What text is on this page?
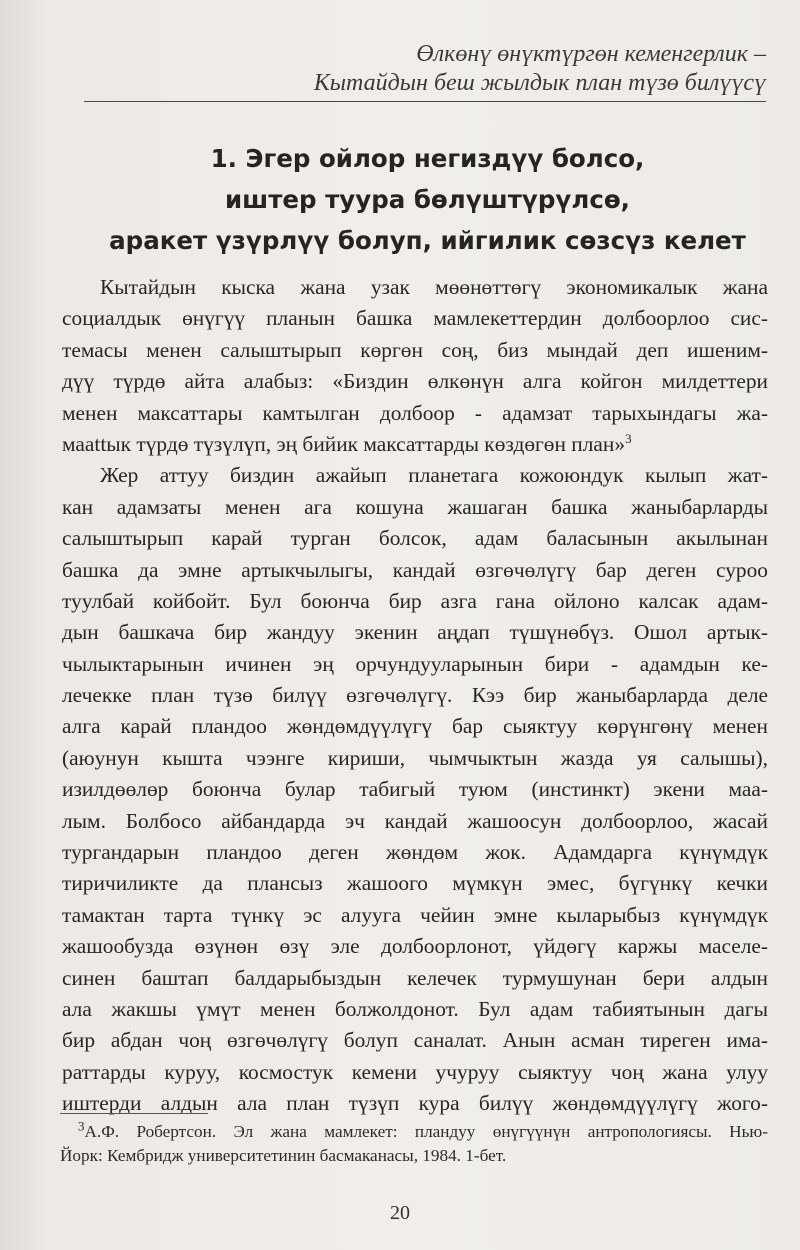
Өлкөнү өнүктүргөн кеменгерлик –
Кытайдын беш жылдык план түзө билүүсү
1. Эгер ойлор негиздүү болсо,
иштер туура бөлүштүрүлсө,
аракет үзүрлүү болуп, ийгилик сөзсүз келет
Кытайдын кыска жана узак мөөнөттөгү экономикалык жана
социалдык өнүгүү планын башка мамлекеттердин долбоорлоо сис-
темасы менен салыштырып көргөн соң, биз мындай деп ишеним-
дүү түрдө айта алабыз: «Биздин өлкөнүн алга койгон милдеттери
менен максаттары камтылган долбоор - адамзат тарыхындагы жа-
маattык түрдө түзүлүп, эң бийик максаттарды көздөгөн план»$^3$
Жер аттуу биздин ажайып планетага кожоюндук кылып жат-
кан адамзаты менен ага кошуна жашаган башка жаныбарларды
салыштырып карай турган болсок, адам баласынын акылынан
башка да эмне артыкчылыгы, кандай өзгөчөлүгү бар деген суроо
туулбай койбойт. Бул боюнча бир азга гана ойлоно калсак адам-
дын башкача бир жандуу экенин аңдап түшүнөбүз. Ошол артык-
чылыктарынын ичинен эң орчундууларынын бири - адамдын ке-
лечекке план түзө билүү өзгөчөлүгү. Кээ бир жаныбарларда деле
алга карай пландоо жөндөмдүүлүгү бар сыяктуу көрүнгөнү менен
(аюунун кышта чээнге кириши, чымчыктын жазда уя салышы),
изилдөөлөр боюнча булар табигый туюм (инстинкт) экени маа-
лым. Болбосо айбандарда эч кандай жашоосун долбоорлоо, жасай
тургандарын пландоо деген жөндөм жок. Адамдарга күнүмдүк
тиричиликте да плансыз жашоого мүмкүн эмес, бүгүнкү кечки
тамактан тарта түнкү эс алууга чейин эмне кыларыбыз күнүмдүк
жашообузда өзүнөн өзү эле долбоорлонот, үйдөгү каржы маселе-
синен баштап балдарыбыздын келечек турмушунан бери алдын
ала жакшы үмүт менен болжолдонот. Бул адам табиятынын дагы
бир абдан чоң өзгөчөлүгү болуп саналат. Анын асман тиреген има-
раттарды куруу, космостук кемени учуруу сыяктуу чоң жана улуу
иштерди алдын ала план түзүп кура билүү жөндөмдүүлүгү жого-
$^3$А.Ф. Робертсон. Эл жана мамлекет: пландуу өнүгүүнүн антропологиясы. Нью-
Йорк: Кембридж университетинин басмаканасы, 1984. 1-бет.
20
